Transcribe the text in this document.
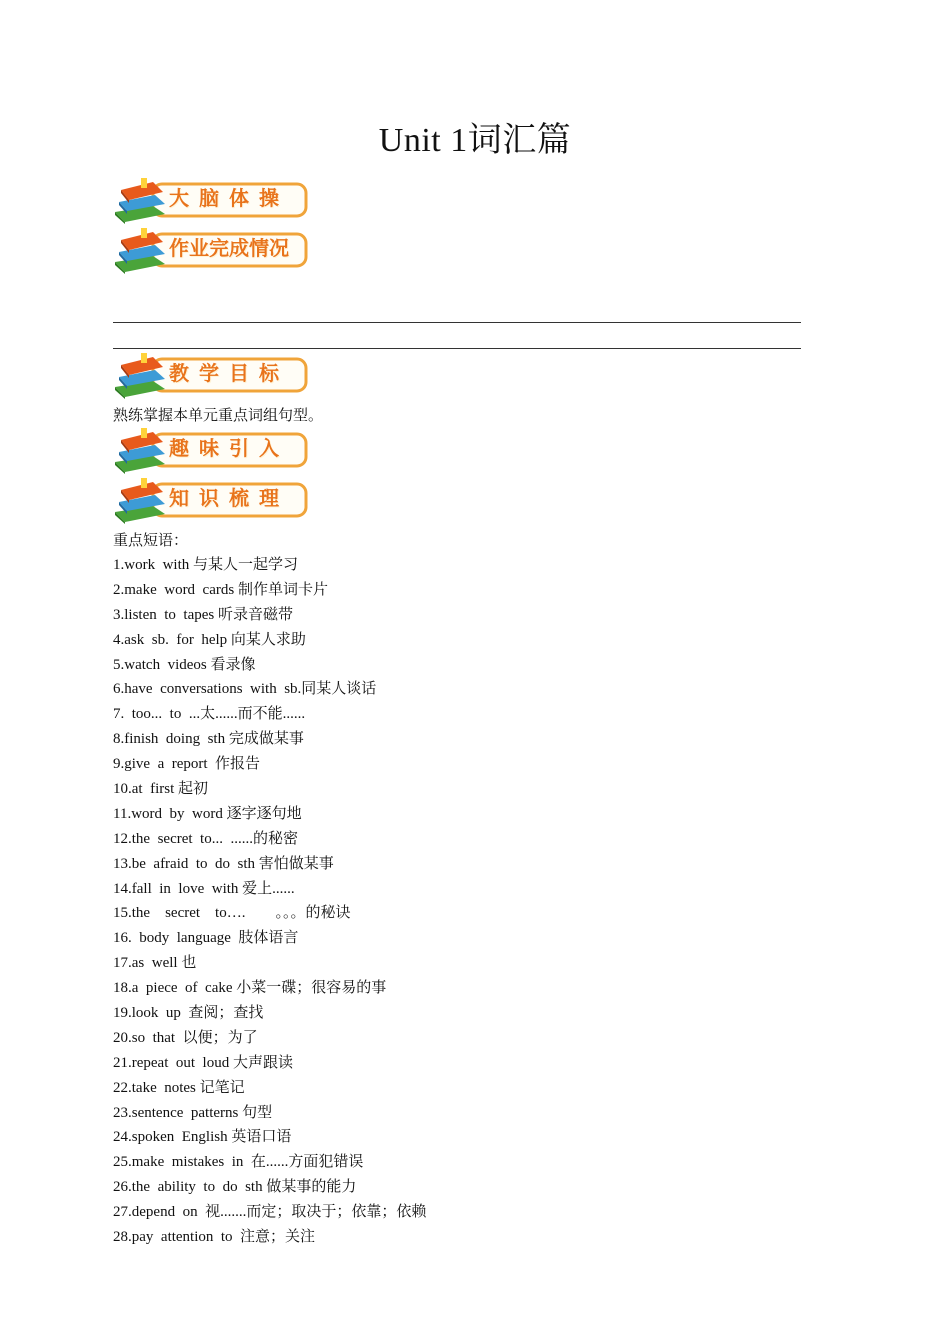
Unit 1词汇篇
大脑体操
作业完成情况
教学目标
熟练掌握本单元重点词组句型。
趣味引入
知识梳理
重点短语：
1.work  with 与某人一起学习
2.make  word  cards 制作单词卡片
3.listen  to  tapes 听录音磁带
4.ask  sb.  for  help 向某人求助
5.watch  videos 看录像
6.have  conversations  with  sb.同某人谈话
7.  too...  to  ...太......而不能......
8.finish  doing  sth 完成做某事
9.give  a  report  作报告
10.at  first 起初
11.word  by  word 逐字逐句地
12.the  secret  to...  ......的秘密
13.be  afraid  to  do  sth 害怕做某事
14.fall  in  love  with 爱上......
15.the    secret    to….        。。。的秘诀
16.  body  language  肢体语言
17.as  well 也
18.a  piece  of  cake 小菜一碟；很容易的事
19.look  up  查阅；查找
20.so  that  以便；为了
21.repeat  out  loud 大声跟读
22.take  notes 记笔记
23.sentence  patterns 句型
24.spoken  English 英语口语
25.make  mistakes  in  在......方面犯错误
26.the  ability  to  do  sth 做某事的能力
27.depend  on  视.......而定；取决于；依靠；依赖
28.pay  attention  to  注意；关注
